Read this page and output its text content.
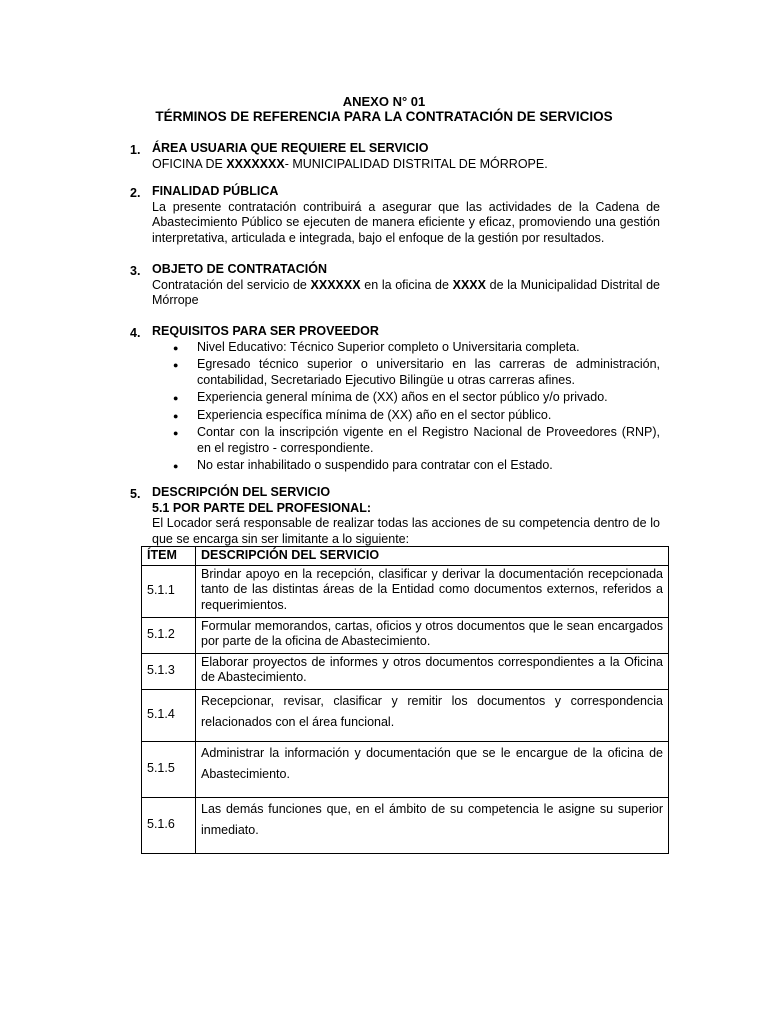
ANEXO N° 01
TÉRMINOS DE REFERENCIA PARA LA CONTRATACIÓN DE SERVICIOS
1. ÁREA USUARIA QUE REQUIERE EL SERVICIO
OFICINA DE XXXXXXX- MUNICIPALIDAD DISTRITAL DE MÓRROPE.
2. FINALIDAD PÚBLICA
La presente contratación contribuirá a asegurar que las actividades de la Cadena de Abastecimiento Público se ejecuten de manera eficiente y eficaz, promoviendo una gestión interpretativa, articulada e integrada, bajo el enfoque de la gestión por resultados.
3. OBJETO DE CONTRATACIÓN
Contratación del servicio de XXXXXX en la oficina de XXXX de la Municipalidad Distrital de Mórrope
4. REQUISITOS PARA SER PROVEEDOR
● Nivel Educativo: Técnico Superior completo o Universitaria completa.
● Egresado técnico superior o universitario en las carreras de administración, contabilidad, Secretariado Ejecutivo Bilingüe u otras carreras afines.
● Experiencia general mínima de (XX) años en el sector público y/o privado.
● Experiencia específica mínima de (XX) año en el sector público.
● Contar con la inscripción vigente en el Registro Nacional de Proveedores (RNP), en el registro - correspondiente.
● No estar inhabilitado o suspendido para contratar con el Estado.
5. DESCRIPCIÓN DEL SERVICIO
5.1 POR PARTE DEL PROFESIONAL:
El Locador será responsable de realizar todas las acciones de su competencia dentro de lo que se encarga sin ser limitante a lo siguiente:
ÍTEM	DESCRIPCIÓN DEL SERVICIO
5.1.1	Brindar apoyo en la recepción, clasificar y derivar la documentación recepcionada tanto de las distintas áreas de la Entidad como documentos externos, referidos a requerimientos.
5.1.2	Formular memorandos, cartas, oficios y otros documentos que le sean encargados por parte de la oficina de Abastecimiento.
5.1.3	Elaborar proyectos de informes y otros documentos correspondientes a la Oficina de Abastecimiento.
5.1.4	Recepcionar, revisar, clasificar y remitir los documentos y correspondencia relacionados con el área funcional.
5.1.5	Administrar la información y documentación que se le encargue de la oficina de Abastecimiento.
5.1.6	Las demás funciones que, en el ámbito de su competencia le asigne su superior inmediato.
